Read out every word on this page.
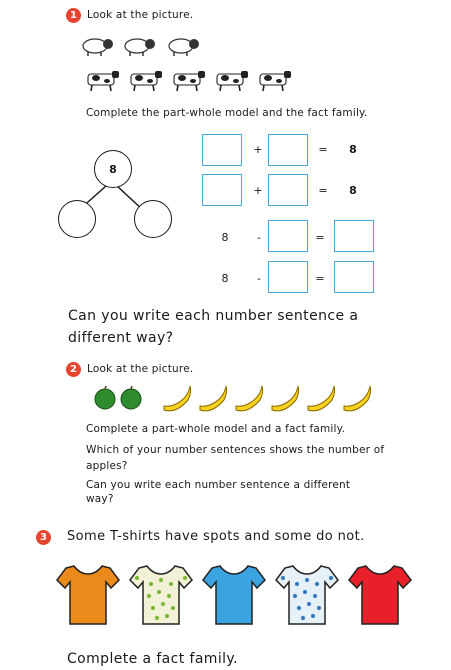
1 Look at the picture.
Complete the part-whole model and the fact family.
8
+	= 8
+	= 8
8	-	=
8	-	=
Can you write each number sentence a different way?
2 Look at the picture.
Complete a part-whole model and a fact family.
Which of your number sentences shows the number of apples?
Can you write each number sentence a different way?
3	Some T-shirts have spots and some do not.
Complete a fact family.
